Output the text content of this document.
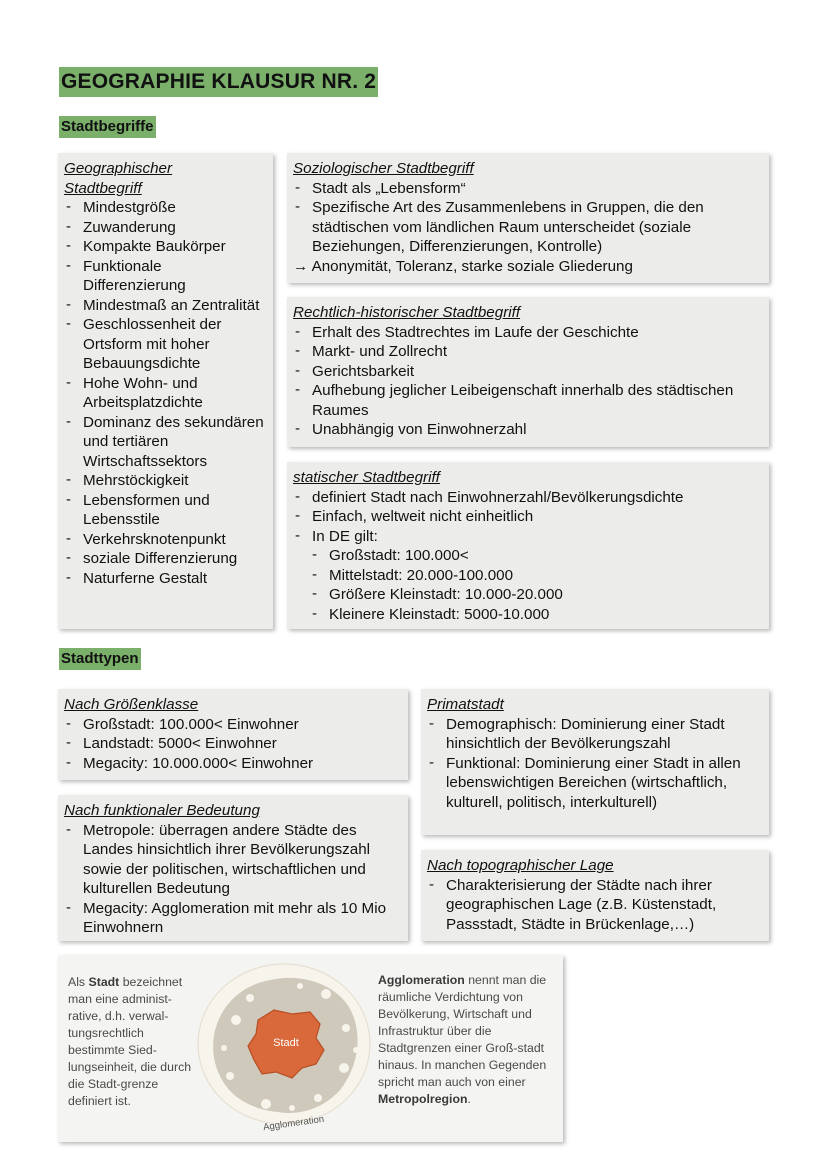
GEOGRAPHIE KLAUSUR NR. 2
Stadtbegriffe

Geographischer
Stadtbegriff

- Mindestgröße
- Zuwanderung
- Kompakte Baukörper
- Funktionale Differenzierung
- Mindestmaß an Zentralität
- Geschlossenheit der Ortsform mit hoher Bebauungsdichte
- Hohe Wohn- und Arbeitsplatzdichte
- Dominanz des sekundären und tertiären Wirtschaftssektors
- Mehrstöckigkeit
- Lebensformen und Lebensstile
- Verkehrsknotenpunkt
- soziale Differenzierung
- Naturferne Gestalt

Soziologischer Stadtbegriff

- Stadt als „Lebensform“
- Spezifische Art des Zusammenlebens in Gruppen, die den städtischen vom ländlichen Raum unterscheidet (soziale Beziehungen, Differenzierungen, Kontrolle)

→ Anonymität, Toleranz, starke soziale Gliederung

Rechtlich-historischer Stadtbegriff

- Erhalt des Stadtrechtes im Laufe der Geschichte
- Markt- und Zollrecht
- Gerichtsbarkeit
- Aufhebung jeglicher Leibeigenschaft innerhalb des städtischen Raumes
- Unabhängig von Einwohnerzahl

statischer Stadtbegriff

- definiert Stadt nach Einwohnerzahl/Bevölkerungsdichte
- Einfach, weltweit nicht einheitlich
- In DE gilt:
- Großstadt: 100.000<
- Mittelstadt: 20.000-100.000
- Größere Kleinstadt: 10.000-20.000
- Kleinere Kleinstadt: 5000-10.000
Stadttypen

Nach Größenklasse

- Großstadt: 100.000< Einwohner
- Landstadt: 5000< Einwohner
- Megacity: 10.000.000< Einwohner

Nach funktionaler Bedeutung

- Metropole: überragen andere Städte des Landes hinsichtlich ihrer Bevölkerungszahl sowie der politischen, wirtschaftlichen und kulturellen Bedeutung
- Megacity: Agglomeration mit mehr als 10 Mio Einwohnern

Primatstadt

- Demographisch: Dominierung einer Stadt hinsichtlich der Bevölkerungszahl
- Funktional: Dominierung einer Stadt in allen lebenswichtigen Bereichen (wirtschaftlich, kulturell, politisch, interkulturell)

Nach topographischer Lage

- Charakterisierung der Städte nach ihrer geographischen Lage (z.B. Küstenstadt, Passstadt, Städte in Brückenlage,…)
Als Stadt bezeichnet man eine administ-rative, d.h. verwal-tungsrechtlich bestimmte Sied-lungseinheit, die durch die Stadt-grenze definiert ist.
Stadt
Agglomeration
Agglomeration nennt man die räumliche Verdichtung von Bevölkerung, Wirtschaft und Infrastruktur über die Stadtgrenzen einer Groß-stadt hinaus. In manchen Gegenden spricht man auch von einer Metropolregion.
